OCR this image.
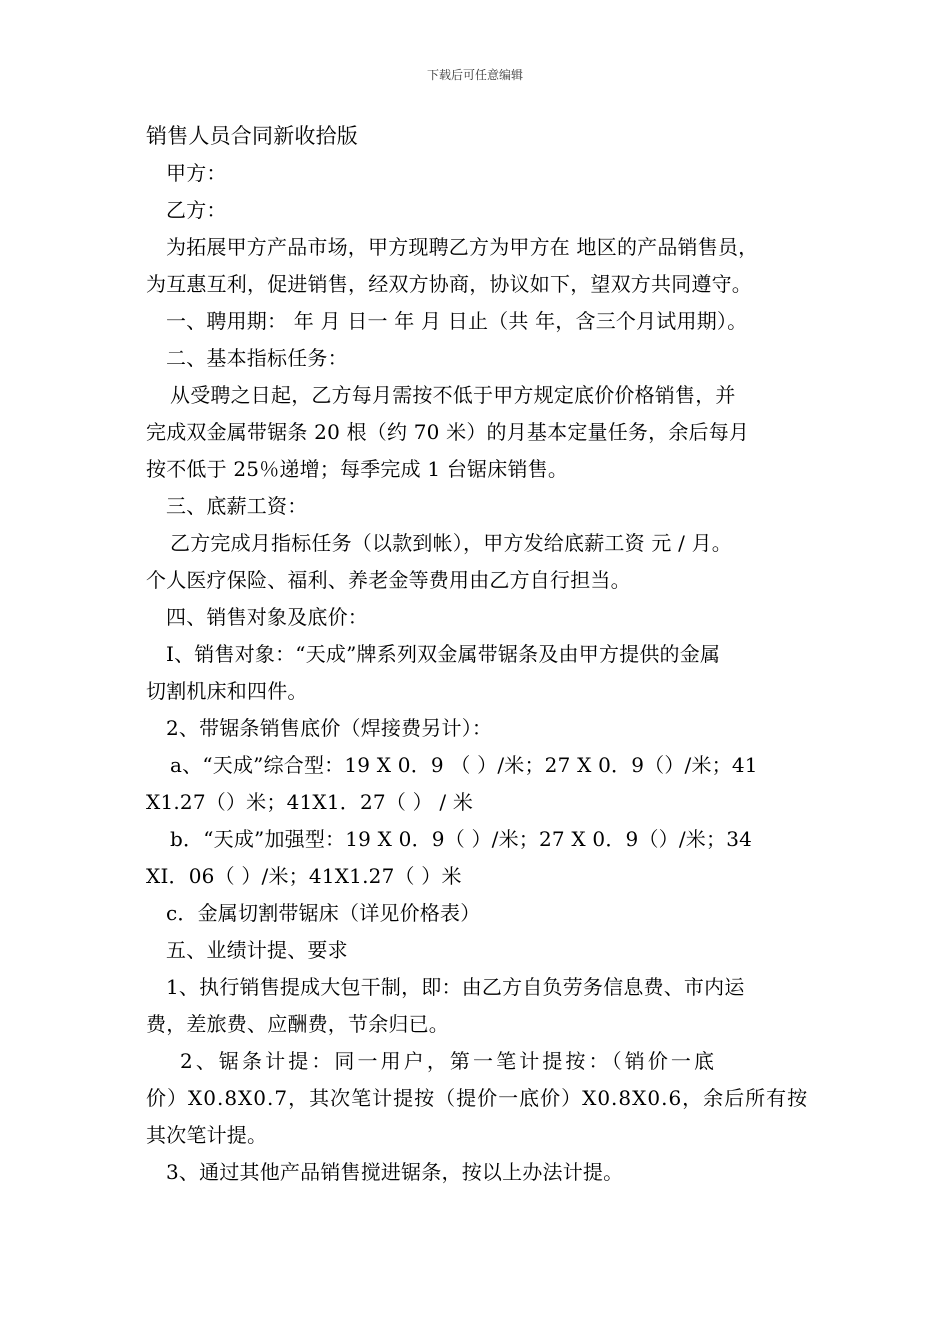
下载后可任意编辑

销售人员合同新收拾版

甲方：

乙方：

为拓展甲方产品市场，甲方现聘乙方为甲方在 地区的产品销售员，

为互惠互利，促进销售，经双方协商，协议如下，望双方共同遵守。

一、聘用期： 年 月 日一 年 月 日止（共 年，含三个月试用期）。

二、基本指标任务：

从受聘之日起，乙方每月需按不低于甲方规定底价价格销售，并

完成双金属带锯条 20 根（约 70 米）的月基本定量任务，余后每月

按不低于 25％递增；每季完成 1 台锯床销售。

三、底薪工资：

乙方完成月指标任务（以款到帐），甲方发给底薪工资 元 / 月。

个人医疗保险、福利、养老金等费用由乙方自行担当。

四、销售对象及底价：

I、销售对象：“天成”牌系列双金属带锯条及由甲方提供的金属

切割机床和四件。

2、带锯条销售底价（焊接费另计）：

a、“天成”综合型：19 X 0．9 （ ）/米；27 X 0．9（）/米；41

X1.27（）米；41X1．27（ ） / 米

b．“天成”加强型：19 X 0．9（ ）/米；27 X 0．9（）/米；34

XI．06（ ）/米；41X1.27（ ）米

c．金属切割带锯床（详见价格表）

五、业绩计提、要求

1、执行销售提成大包干制，即：由乙方自负劳务信息费、市内运

费，差旅费、应酬费，节余归已。

2、锯条计提：同一用户，第一笔计提按：（销价一底

价）X0.8X0.7，其次笔计提按（提价一底价）X0.8X0.6，余后所有按

其次笔计提。

3、通过其他产品销售搅进锯条，按以上办法计提。
